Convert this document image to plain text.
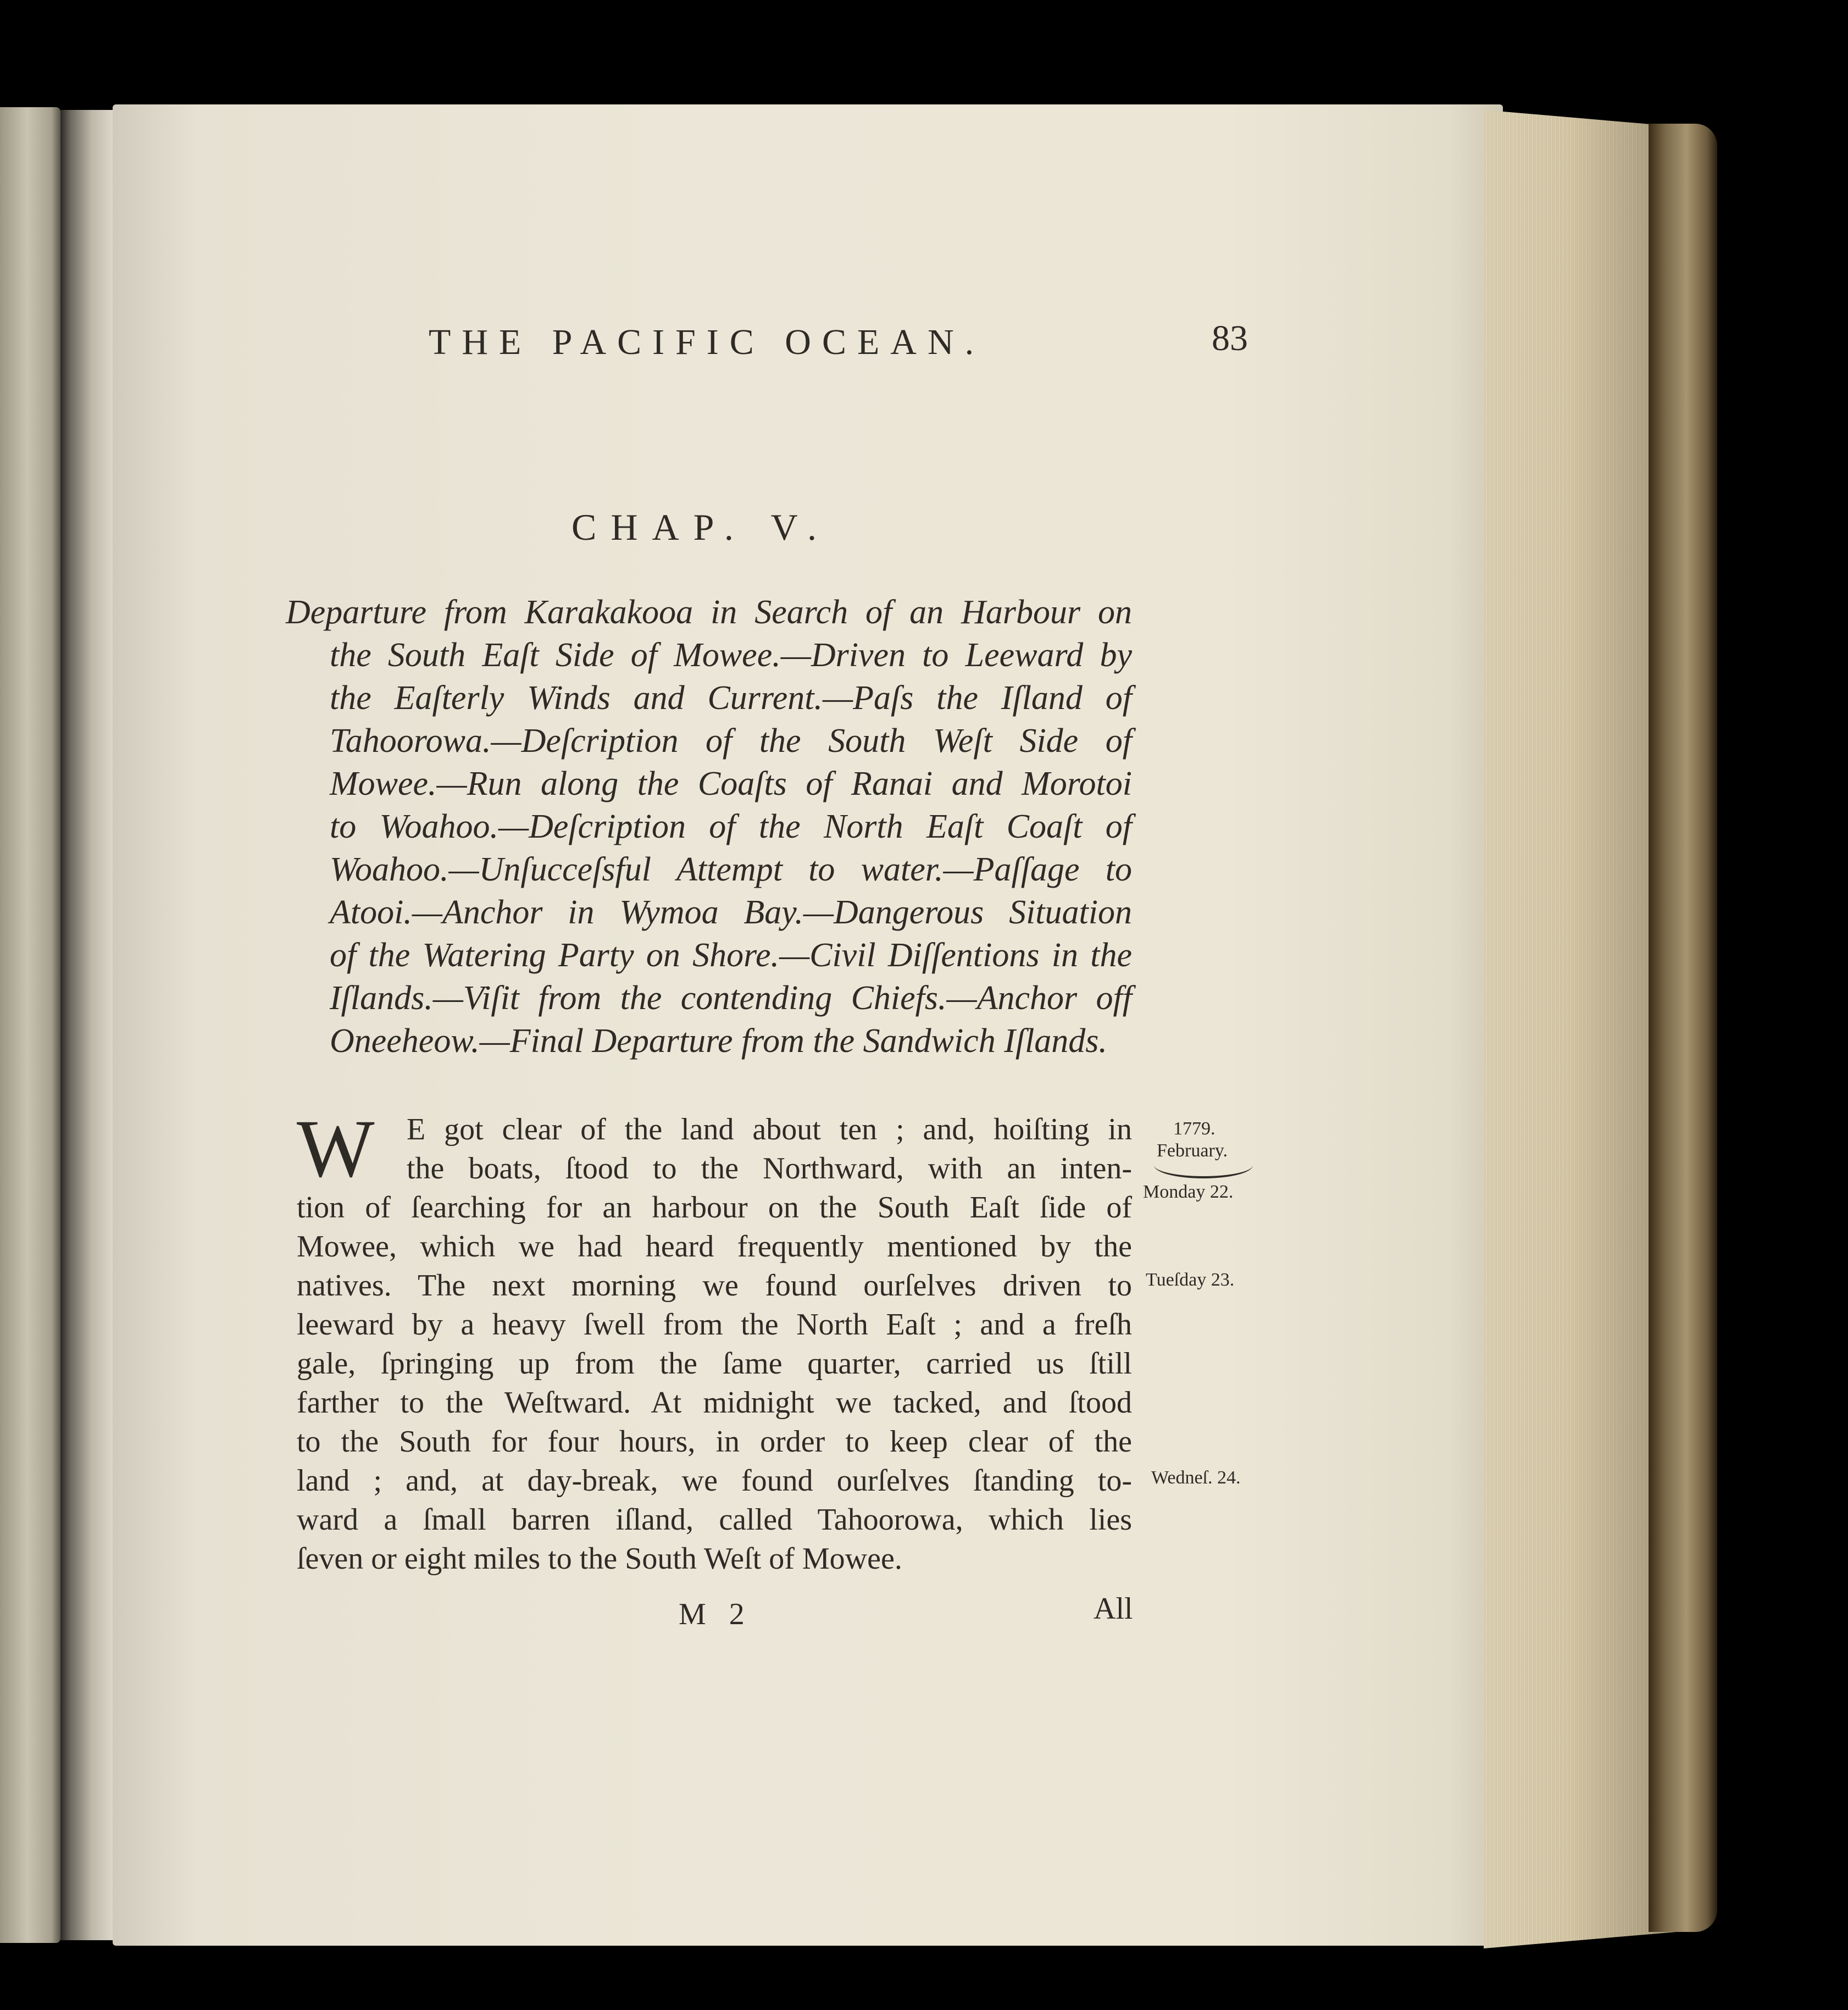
THE PACIFIC OCEAN.	83
CHAP. V.
Departure from Karakakooa in Search of an Harbour on
the South Eaſt Side of Mowee.—Driven to Leeward by
the Eaſterly Winds and Current.—Paſs the Iſland of
Tahoorowa.—Deſcription of the South Weſt Side of
Mowee.—Run along the Coaſts of Ranai and Morotoi
to Woahoo.—Deſcription of the North Eaſt Coaſt of
Woahoo.—Unſucceſsful Attempt to water.—Paſſage to
Atooi.—Anchor in Wymoa Bay.—Dangerous Situation
of the Watering Party on Shore.—Civil Diſſentions in the
Iſlands.—Viſit from the contending Chiefs.—Anchor off
Oneeheow.—Final Departure from the Sandwich Iſlands.
W	E got clear of the land about ten ; and, hoiſting in
the boats, ſtood to the Northward, with an inten-
tion of ſearching for an harbour on the South Eaſt ſide of
Mowee, which we had heard frequently mentioned by the
natives. The next morning we found ourſelves driven to
leeward by a heavy ſwell from the North Eaſt ; and a freſh
gale, ſpringing up from the ſame quarter, carried us ſtill
farther to the Weſtward. At midnight we tacked, and ſtood
to the South for four hours, in order to keep clear of the
land ; and, at day-break, we found ourſelves ſtanding to-
ward a ſmall barren iſland, called Tahoorowa, which lies
ſeven or eight miles to the South Weſt of Mowee.
1779.
February.
Monday 22.
Tueſday 23.
Wedneſ. 24.
M 2	All
